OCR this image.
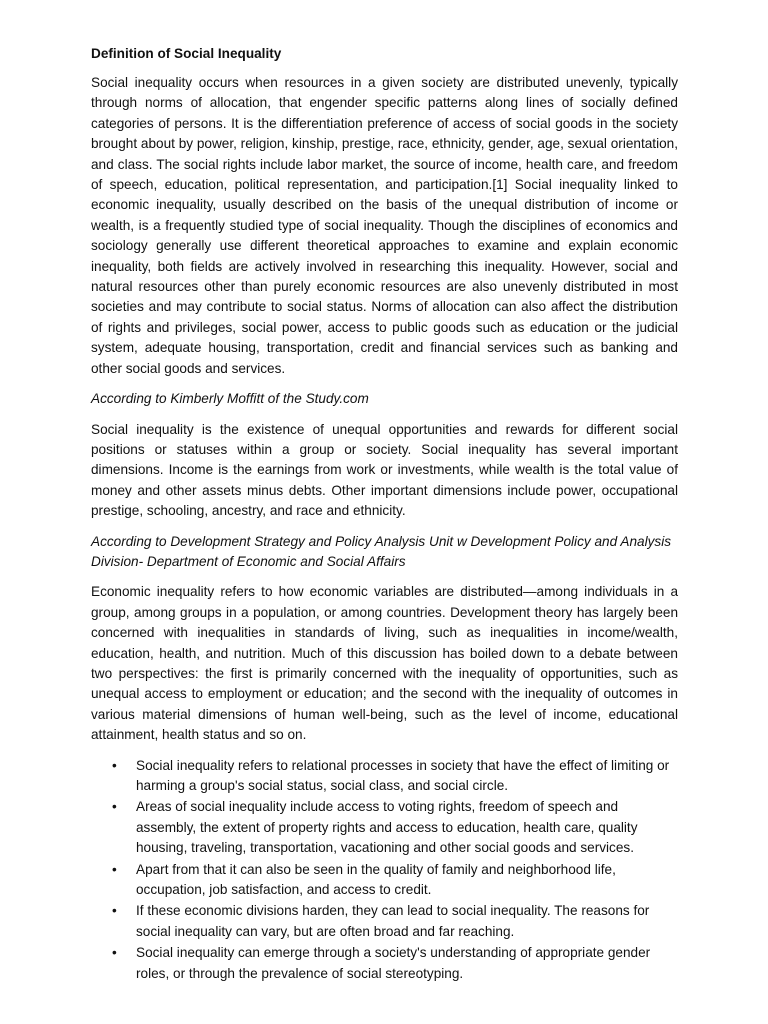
Definition of Social Inequality

Social inequality occurs when resources in a given society are distributed unevenly, typically through norms of allocation, that engender specific patterns along lines of socially defined categories of persons. It is the differentiation preference of access of social goods in the society brought about by power, religion, kinship, prestige, race, ethnicity, gender, age, sexual orientation, and class. The social rights include labor market, the source of income, health care, and freedom of speech, education, political representation, and participation.[1] Social inequality linked to economic inequality, usually described on the basis of the unequal distribution of income or wealth, is a frequently studied type of social inequality. Though the disciplines of economics and sociology generally use different theoretical approaches to examine and explain economic inequality, both fields are actively involved in researching this inequality. However, social and natural resources other than purely economic resources are also unevenly distributed in most societies and may contribute to social status. Norms of allocation can also affect the distribution of rights and privileges, social power, access to public goods such as education or the judicial system, adequate housing, transportation, credit and financial services such as banking and other social goods and services.

According to Kimberly Moffitt of the Study.com

Social inequality is the existence of unequal opportunities and rewards for different social positions or statuses within a group or society. Social inequality has several important dimensions. Income is the earnings from work or investments, while wealth is the total value of money and other assets minus debts. Other important dimensions include power, occupational prestige, schooling, ancestry, and race and ethnicity.

According to Development Strategy and Policy Analysis Unit w Development Policy and Analysis Division- Department of Economic and Social Affairs

Economic inequality refers to how economic variables are distributed—among individuals in a group, among groups in a population, or among countries. Development theory has largely been concerned with inequalities in standards of living, such as inequalities in income/wealth, education, health, and nutrition. Much of this discussion has boiled down to a debate between two perspectives: the first is primarily concerned with the inequality of opportunities, such as unequal access to employment or education; and the second with the inequality of outcomes in various material dimensions of human well-being, such as the level of income, educational attainment, health status and so on.

• Social inequality refers to relational processes in society that have the effect of limiting or harming a group's social status, social class, and social circle.
• Areas of social inequality include access to voting rights, freedom of speech and assembly, the extent of property rights and access to education, health care, quality housing, traveling, transportation, vacationing and other social goods and services.
• Apart from that it can also be seen in the quality of family and neighborhood life, occupation, job satisfaction, and access to credit.
• If these economic divisions harden, they can lead to social inequality. The reasons for social inequality can vary, but are often broad and far reaching.
• Social inequality can emerge through a society's understanding of appropriate gender roles, or through the prevalence of social stereotyping.
